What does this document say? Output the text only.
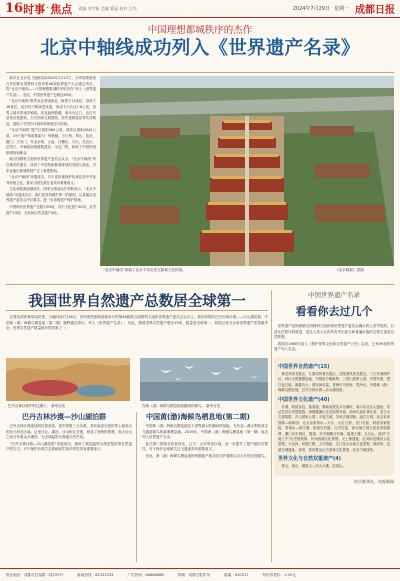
16 时事 · 焦点 责编 刘宇航 美编 曹蕊 校对 江杰	2024年7月29日 星期一 成都日报
中国理想都城秩序的杰作
北京中轴线成功列入《世界遗产名录》

新华社北京电 当地时间2024年7月27日，在印度新德里召开的联合国教科文组织第46届世界遗产大会通过决议，将“北京中轴线——中国理想都城秩序的杰作”列入《世界遗产名录》。至此，中国世界遗产总数达59项。

“北京中轴线”纵贯北京老城南北，始建于13世纪，形成于16世纪，此后经不断演进发展，形成今天长达7.8公里、世界上最长的城市轴线。其北起钟鼓楼，南至永定门，由古代皇家宫苑建筑、古代国家礼制建筑、居中道路遗存等共同构成，展现了中国古代城市规划理念与传统。

“北京中轴线”遗产区面积589公顷，缓冲区面积4542公顷，15个遗产构成要素为：钟鼓楼、万宁桥、景山、故宫、端门、天安门、外金水桥、太庙、社稷坛、天坛、先农坛、正阳门、中轴线南段道路遗存、永定门等，体现了中国传统都城规划理念。

联合国教科文组织世界遗产委员会认为，“北京中轴线”所在城市的遗存，体现了中国传统都城规划的发展与演变，对东亚地区都城规划产生了重要影响。

“北京中轴线”申遗成功，对于更好地保护传承弘扬中华优秀传统文化，推动文明交流互鉴具有重要意义。

文化和旅游部副部长、国家文物局局长李群表示，“北京中轴线”申遗成功后，我们将坚持保护第一的原则，认真落实世界遗产委员会决议要求，进一步加强遗产保护管理。

中国现有世界遗产总数为59项，其中文化遗产40项、自然遗产15项、文化和自然双遗产4项。

“北京中轴线”承载了北京千年历史文脉和文化传统。	《北京晚报》供图
我国世界自然遗产总数居全球第一

记者从国家林草局获悉，当地时间7月26日，在印度首都新德里举行的第46届联合国教科文组织世界遗产委员会会议上，我国申报的巴丹吉林沙漠——沙山湖泊群、中国黄（渤）海候鸟栖息地（第二期）顺利通过审议，列入《世界遗产名录》。至此，我国世界自然遗产增至15项，数量居全球第一，我国已成为全球世界遗产类型最齐全、世界自然遗产数量最多的国家之一。

巴丹吉林沙漠中的红湖子。 新华社发	在黄（渤）海候鸟栖息地拍摄到的候鸟。 新华社发
巴丹吉林沙漠—沙山湖泊群

巴丹吉林沙漠地处阿拉善高原，是中国第三大沙漠，其东南部分是世界上最高大的沙丘所在区域。这里沙丘、湖泊、沙山相互交错，形成了独特的景观，高大沙山之间分布着众多湖泊，为全球温带沙漠地区所罕见。

“巴丹吉林沙漠—沙山湖泊群”申遗成功，填补了我国温带沙漠类型世界自然遗产的空白，对于保护沙漠生态系统和生物多样性具有重要意义。

中国黄(渤)海候鸟栖息地(第二期)

中国黄（渤）海候鸟栖息地位于世界最大的潮间带湿地，为东亚—澳大利西亚迁飞通道候鸟的重要栖息地。2019年，中国黄（渤）海候鸟栖息地（第一期）成功列入世界遗产名录。

此次第二期项目包括河北、辽宁、山东等省区域，进一步提升了遗产地的完整性，对于保护全球候鸟迁飞通道具有重要意义。

至此，黄（渤）海候鸟栖息地的两期遗产地共同守护着数以百万计的迁徙候鸟。

中国世界遗产名录
看看你去过几个

世界遗产是指被联合国教科文组织和世界遗产委员会确认的人类罕见的、目前无法替代的财富，是全人类公认的具有突出意义和普遍价值的文物古迹及自然景观。

我国自1985年加入《保护世界文化和自然遗产公约》以来，已有59项世界遗产列入名录。

中国世界自然遗产(15)

黄龙风景名胜区、九寨沟风景名胜区、武陵源风景名胜区、三江并流保护区、四川大熊猫栖息地、中国南方喀斯特、三清山国家公园、中国丹霞、澄江化石地、新疆天山、湖北神农架、青海可可西里、梵净山、中国黄（渤）海候鸟栖息地、巴丹吉林沙漠—沙山湖泊群。

中国世界文化遗产(40)

长城、明清皇宫、莫高窟、秦始皇陵及兵马俑坑、周口店北京人遗址、布达拉宫历史建筑群、承德避暑山庄及周围寺庙、曲阜孔庙孔林孔府、武当山古建筑群、庐山国家公园、平遥古城、苏州古典园林、丽江古城、北京皇家园林—颐和园、北京皇家祭坛—天坛、大足石刻、龙门石窟、明清皇家陵寝、青城山—都江堰、皖南古村落、云冈石窟、高句丽王城王陵及贵族墓葬、澳门历史城区、殷墟、开平碉楼与村落、福建土楼、五台山、登封“天地之中”历史建筑群、杭州西湖文化景观、元上都遗址、红河哈尼梯田文化景观、大运河、丝绸之路、土司遗址、左江花山岩画文化景观、鼓浪屿、良渚古城遗址、泉州、普洱景迈山古茶林文化景观、北京中轴线等。

世界文化与自然双重遗产(4)

泰山、黄山、峨眉山—乐山大佛、武夷山。

综合新华社、央视新闻
报社地址：成都市红星路二段159号	新闻热线：82333333	广告热线：86888888	印刷：成都日报印务	邮编：610017	每份零售价：1.00元
